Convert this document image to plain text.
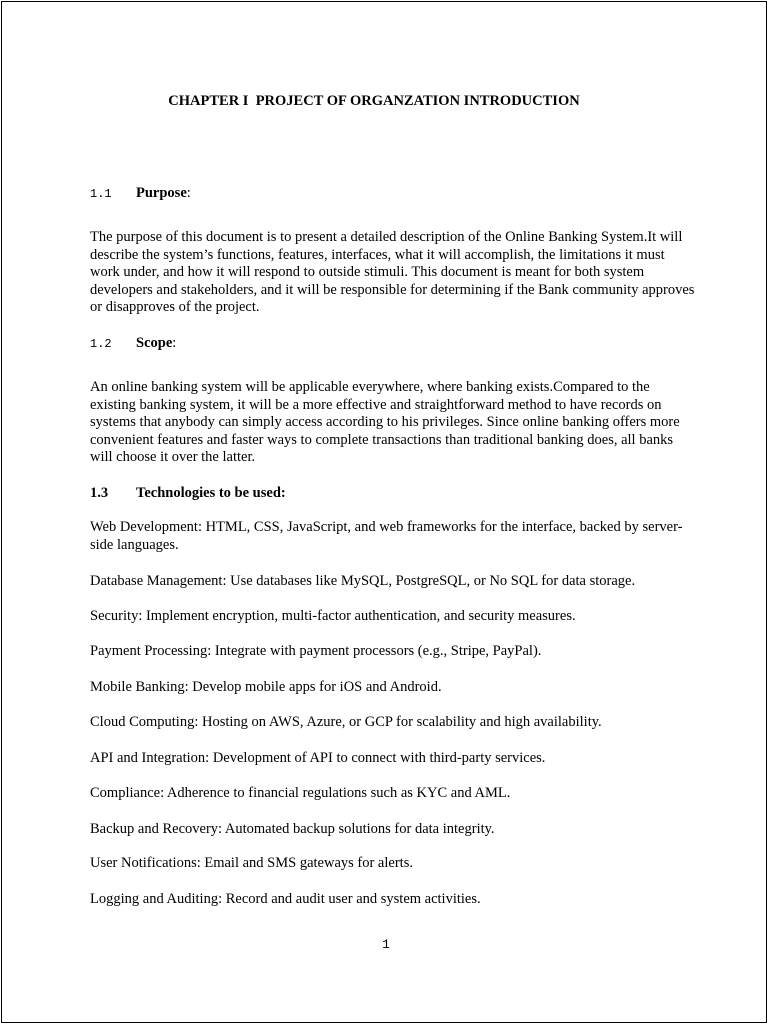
CHAPTER I  PROJECT OF ORGANZATION INTRODUCTION
1.1 Purpose:

The purpose of this document is to present a detailed description of the Online Banking System.It will
describe the system’s functions, features, interfaces, what it will accomplish, the limitations it must
work under, and how it will respond to outside stimuli. This document is meant for both system
developers and stakeholders, and it will be responsible for determining if the Bank community approves
or disapproves of the project.

1.2 Scope:

An online banking system will be applicable everywhere, where banking exists.Compared to the
existing banking system, it will be a more effective and straightforward method to have records on
systems that anybody can simply access according to his privileges. Since online banking offers more
convenient features and faster ways to complete transactions than traditional banking does, all banks
will choose it over the latter.

1.3 Technologies to be used:

Web Development: HTML, CSS, JavaScript, and web frameworks for the interface, backed by server-
side languages.

Database Management: Use databases like MySQL, PostgreSQL, or No SQL for data storage.

Security: Implement encryption, multi-factor authentication, and security measures.

Payment Processing: Integrate with payment processors (e.g., Stripe, PayPal).

Mobile Banking: Develop mobile apps for iOS and Android.

Cloud Computing: Hosting on AWS, Azure, or GCP for scalability and high availability.

API and Integration: Development of API to connect with third-party services.

Compliance: Adherence to financial regulations such as KYC and AML.

Backup and Recovery: Automated backup solutions for data integrity.

User Notifications: Email and SMS gateways for alerts.

Logging and Auditing: Record and audit user and system activities.

1
